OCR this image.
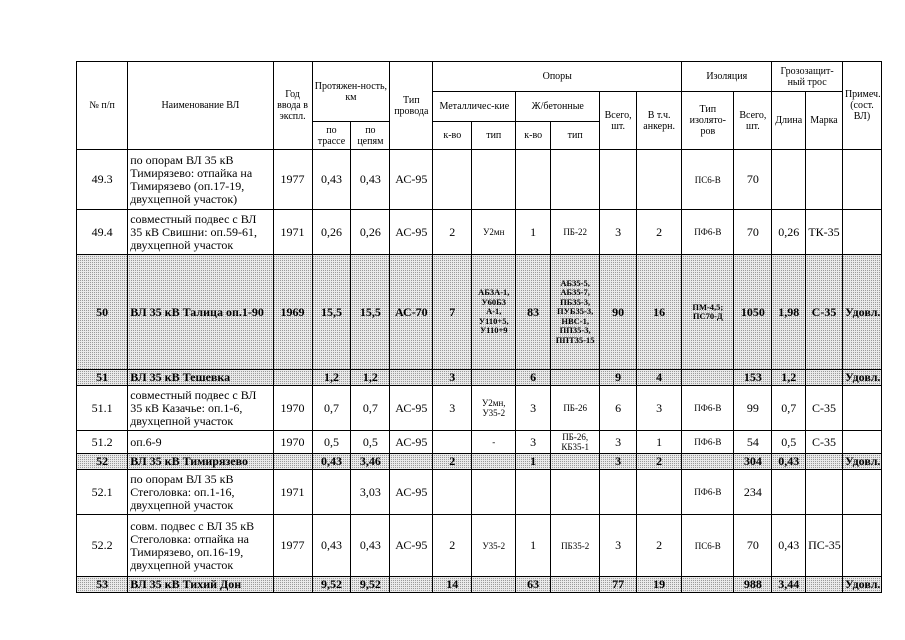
№ п/п	Наименование ВЛ	Год ввода в экспл.	Протяжен-ность, км		Тип провода	Опоры						Изоляция		Грозозащит-ный трос		Примеч. (сост. ВЛ)
						Металличес-кие		Ж/бетонные		Всего, шт.	В т.ч. анкерн.	Тип изолято-ров	Всего, шт.	Длина	Марка	
			по трассе	по цепям		к-во	тип	к-во	тип							
49.3	по опорам ВЛ 35 кВ Тимирязево: отпайка на Тимирязево (оп.17-19, двухцепной участок)	1977	0,43	0,43	АС-95							ПС6-В	70			
49.4	совместный подвес с ВЛ 35 кВ Свишни: оп.59-61, двухцепной участок	1971	0,26	0,26	АС-95	2	У2мн	1	ПБ-22	3	2	ПФ6-В	70	0,26	ТК-35	
50	ВЛ 35 кВ Талица оп.1-90	1969	15,5	15,5	АС-70	7	АБ3А-1, У60Б3 А-1, У110+5, У110+9	83	АБ35-5, АБ35-7, ПБ35-3, ПУБ35-3, НВС-1, ПП35-3, ППТ35-15	90	16	ПМ-4,5; ПС70-Д	1050	1,98	С-35	Удовл.
51	ВЛ 35 кВ Тешевка		1,2	1,2		3		6		9	4		153	1,2		Удовл.
51.1	совместный подвес с ВЛ 35 кВ Казачье: оп.1-6, двухцепной участок	1970	0,7	0,7	АС-95	3	У2мн, У35-2	3	ПБ-26	6	3	ПФ6-В	99	0,7	С-35	
51.2	оп.6-9	1970	0,5	0,5	АС-95		-	3	ПБ-26, КБ35-1	3	1	ПФ6-В	54	0,5	С-35	
52	ВЛ 35 кВ Тимирязево		0,43	3,46		2		1		3	2		304	0,43		Удовл.
52.1	по опорам ВЛ 35 кВ Стеголовка: оп.1-16, двухцепной участок	1971		3,03	АС-95							ПФ6-В	234			
52.2	совм. подвес с ВЛ 35 кВ Стеголовка: отпайка на Тимирязево, оп.16-19, двухцепной участок	1977	0,43	0,43	АС-95	2	У35-2	1	ПБ35-2	3	2	ПС6-В	70	0,43	ПС-35	
53	ВЛ 35 кВ Тихий Дон		9,52	9,52		14		63		77	19		988	3,44		Удовл.
